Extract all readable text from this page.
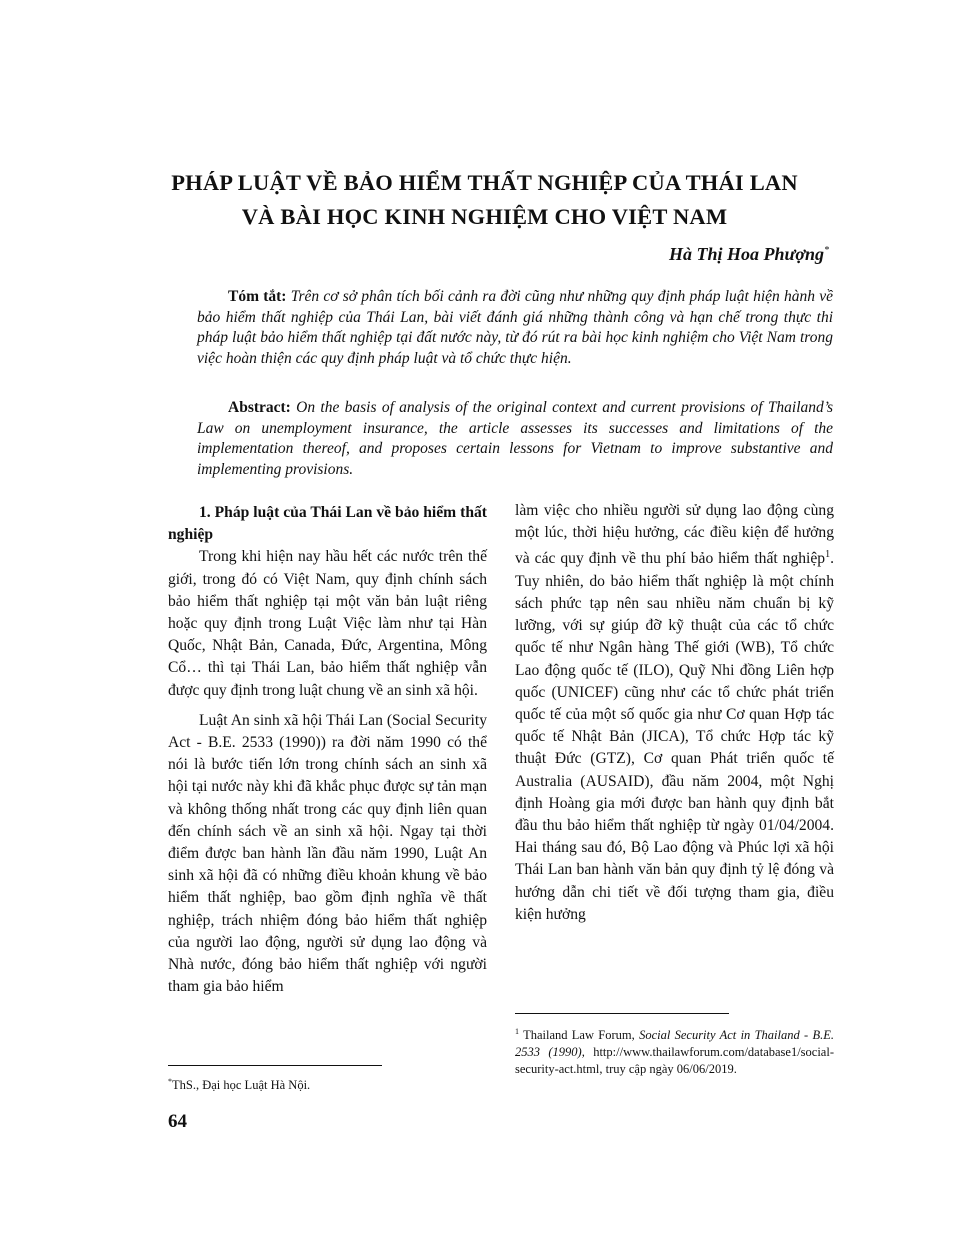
PHÁP LUẬT VỀ BẢO HIỂM THẤT NGHIỆP CỦA THÁI LAN
VÀ BÀI HỌC KINH NGHIỆM CHO VIỆT NAM
Hà Thị Hoa Phượng*
Tóm tắt: Trên cơ sở phân tích bối cảnh ra đời cũng như những quy định pháp luật hiện hành về bảo hiểm thất nghiệp của Thái Lan, bài viết đánh giá những thành công và hạn chế trong thực thi pháp luật bảo hiểm thất nghiệp tại đất nước này, từ đó rút ra bài học kinh nghiệm cho Việt Nam trong việc hoàn thiện các quy định pháp luật và tổ chức thực hiện.
Abstract: On the basis of analysis of the original context and current provisions of Thailand’s Law on unemployment insurance, the article assesses its successes and limitations of the implementation thereof, and proposes certain lessons for Vietnam to improve substantive and implementing provisions.

1. Pháp luật của Thái Lan về bảo hiểm thất nghiệp

Trong khi hiện nay hầu hết các nước trên thế giới, trong đó có Việt Nam, quy định chính sách bảo hiểm thất nghiệp tại một văn bản luật riêng hoặc quy định trong Luật Việc làm như tại Hàn Quốc, Nhật Bản, Canada, Đức, Argentina, Mông Cổ… thì tại Thái Lan, bảo hiểm thất nghiệp vẫn được quy định trong luật chung về an sinh xã hội.

Luật An sinh xã hội Thái Lan (Social Security Act - B.E. 2533 (1990)) ra đời năm 1990 có thể nói là bước tiến lớn trong chính sách an sinh xã hội tại nước này khi đã khắc phục được sự tản mạn và không thống nhất trong các quy định liên quan đến chính sách về an sinh xã hội. Ngay tại thời điểm được ban hành lần đầu năm 1990, Luật An sinh xã hội đã có những điều khoản khung về bảo hiểm thất nghiệp, bao gồm định nghĩa về thất nghiệp, trách nhiệm đóng bảo hiểm thất nghiệp của người lao động, người sử dụng lao động và Nhà nước, đóng bảo hiểm thất nghiệp với người tham gia bảo hiểm

làm việc cho nhiều người sử dụng lao động cùng một lúc, thời hiệu hưởng, các điều kiện để hưởng và các quy định về thu phí bảo hiểm thất nghiệp$^1$. Tuy nhiên, do bảo hiểm thất nghiệp là một chính sách phức tạp nên sau nhiều năm chuẩn bị kỹ lưỡng, với sự giúp đỡ kỹ thuật của các tổ chức quốc tế như Ngân hàng Thế giới (WB), Tổ chức Lao động quốc tế (ILO), Quỹ Nhi đồng Liên hợp quốc (UNICEF) cũng như các tổ chức phát triển quốc tế của một số quốc gia như Cơ quan Hợp tác quốc tế Nhật Bản (JICA), Tổ chức Hợp tác kỹ thuật Đức (GTZ), Cơ quan Phát triển quốc tế Australia (AUSAID), đầu năm 2004, một Nghị định Hoàng gia mới được ban hành quy định bắt đầu thu bảo hiểm thất nghiệp từ ngày 01/04/2004. Hai tháng sau đó, Bộ Lao động và Phúc lợi xã hội Thái Lan ban hành văn bản quy định tỷ lệ đóng và hướng dẫn chi tiết về đối tượng tham gia, điều kiện hưởng

$^1$ Thailand Law Forum, Social Security Act in Thailand - B.E. 2533 (1990), http://www.thailawforum.com/database1/social-security-act.html, truy cập ngày 06/06/2019.
*ThS., Đại học Luật Hà Nội.
64
